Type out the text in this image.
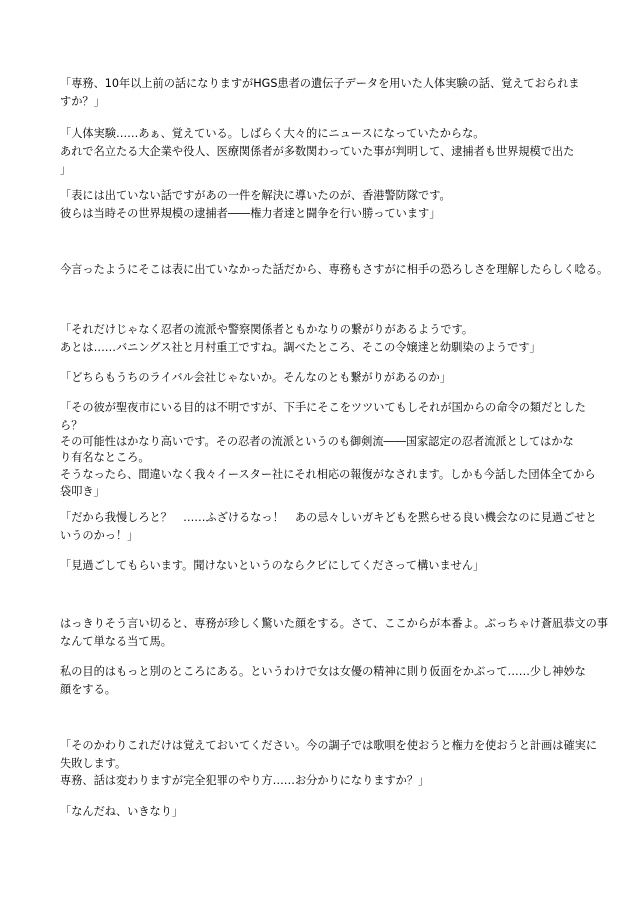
「専務、10年以上前の話になりますがHGS患者の遺伝子データを用いた人体実験の話、覚えておられま
すか？」
「人体実験……あぁ、覚えている。しばらく大々的にニュースになっていたからな。
あれで名立たる大企業や役人、医療関係者が多数関わっていた事が判明して、逮捕者も世界規模で出た
」
「表には出ていない話ですがあの一件を解決に導いたのが、香港警防隊です。
彼らは当時その世界規模の逮捕者――権力者達と闘争を行い勝っています」
今言ったようにそこは表に出ていなかった話だから、専務もさすがに相手の恐ろしさを理解したらしく唸る。
「それだけじゃなく忍者の流派や警察関係者ともかなりの繋がりがあるようです。
あとは……バニングス社と月村重工ですね。調べたところ、そこの令嬢達と幼馴染のようです」
「どちらもうちのライバル会社じゃないか。そんなのとも繋がりがあるのか」
「その彼が聖夜市にいる目的は不明ですが、下手にそこをツツいてもしそれが国からの命令の類だとした
ら？
その可能性はかなり高いです。その忍者の流派というのも御剣流――国家認定の忍者流派としてはかな
り有名なところ。
そうなったら、間違いなく我々イースター社にそれ相応の報復がなされます。しかも今話した団体全てから
袋叩き」
「だから我慢しろと？　……ふざけるなっ！　あの忌々しいガキどもを黙らせる良い機会なのに見過ごせと
いうのかっ！」
「見過ごしてもらいます。聞けないというのならクビにしてくださって構いません」
はっきりそう言い切ると、専務が珍しく驚いた顔をする。さて、ここからが本番よ。ぶっちゃけ蒼凪恭文の事
なんて単なる当て馬。
私の目的はもっと別のところにある。というわけで女は女優の精神に則り仮面をかぶって……少し神妙な
顔をする。
「そのかわりこれだけは覚えておいてください。今の調子では歌唄を使おうと権力を使おうと計画は確実に
失敗します。
専務、話は変わりますが完全犯罪のやり方……お分かりになりますか？」
「なんだね、いきなり」
